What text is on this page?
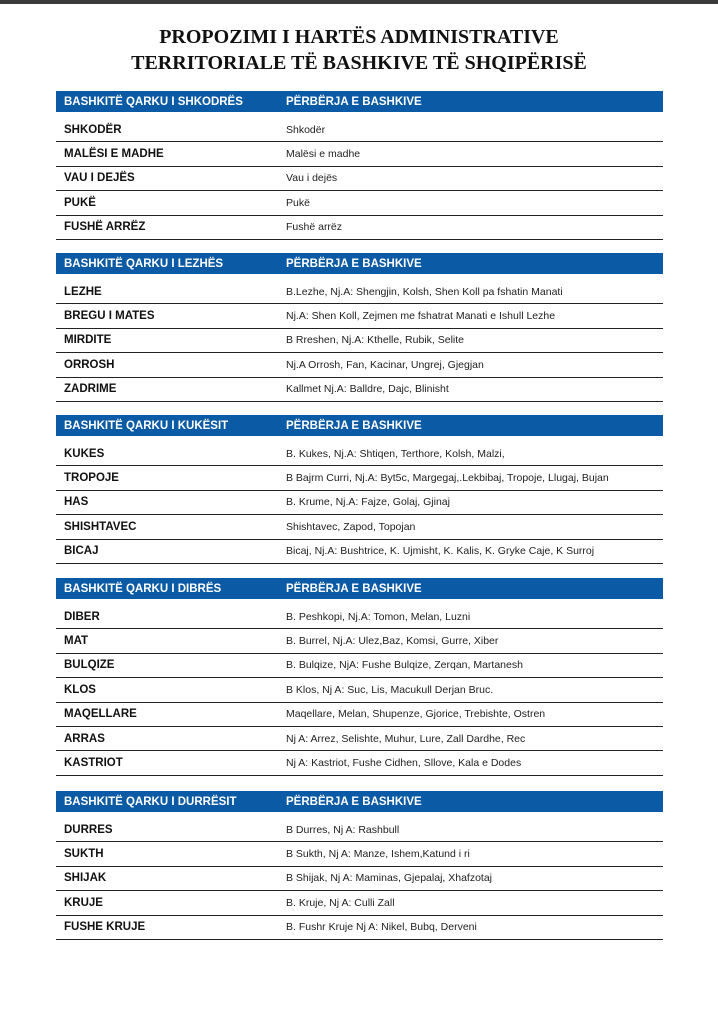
PROPOZIMI I HARTËS ADMINISTRATIVE
TERRITORIALE TË BASHKIVE TË SHQIPËRISË
BASHKITË QARKU I SHKODRËS	PËRBËRJA E BASHKIVE
SHKODËR	Shkodër
MALËSI E MADHE	Malësi e madhe
VAU I DEJËS	Vau i dejës
PUKË	Pukë
FUSHË ARRËZ	Fushë arrëz
BASHKITË QARKU I LEZHËS	PËRBËRJA E BASHKIVE
LEZHE	B.Lezhe, Nj.A: Shengjin, Kolsh, Shen Koll pa fshatin Manati
BREGU I MATES	Nj.A: Shen Koll, Zejmen me fshatrat Manati e Ishull Lezhe
MIRDITE	B Rreshen, Nj.A: Kthelle, Rubik, Selite
ORROSH	Nj.A Orrosh, Fan, Kacinar, Ungrej, Gjegjan
ZADRIME	Kallmet Nj.A: Balldre, Dajc, Blinisht
BASHKITË QARKU I KUKËSIT	PËRBËRJA E BASHKIVE
KUKES	B. Kukes, Nj.A: Shtiqen, Terthore, Kolsh, Malzi,
TROPOJE	B Bajrm Curri, Nj.A: Byt5c, Margegaj,.Lekbibaj, Tropoje, Llugaj, Bujan
HAS	B. Krume, Nj.A: Fajze, Golaj, Gjinaj
SHISHTAVEC	Shishtavec, Zapod, Topojan
BICAJ	Bicaj, Nj.A: Bushtrice, K. Ujmisht, K. Kalis, K. Gryke Caje, K Surroj
BASHKITË QARKU I DIBRËS	PËRBËRJA E BASHKIVE
DIBER	B. Peshkopi, Nj.A: Tomon, Melan, Luzni
MAT	B. Burrel, Nj.A: Ulez,Baz, Komsi, Gurre, Xiber
BULQIZE	B. Bulqize, NjA: Fushe Bulqize, Zerqan, Martanesh
KLOS	B Klos, Nj A: Suc, Lis, Macukull Derjan Bruc.
MAQELLARE	Maqellare, Melan, Shupenze, Gjorice, Trebishte, Ostren
ARRAS	Nj A: Arrez, Selishte, Muhur, Lure, Zall Dardhe, Rec
KASTRIOT	Nj A: Kastriot, Fushe Cidhen, Sllove, Kala e Dodes
BASHKITË QARKU I DURRËSIT	PËRBËRJA E BASHKIVE
DURRES	B Durres, Nj A: Rashbull
SUKTH	B Sukth, Nj A: Manze, Ishem,Katund i ri
SHIJAK	B Shijak, Nj A: Maminas, Gjepalaj, Xhafzotaj
KRUJE	B. Kruje, Nj A: Culli Zall
FUSHE KRUJE	B. Fushr Kruje Nj A: Nikel, Bubq, Derveni
